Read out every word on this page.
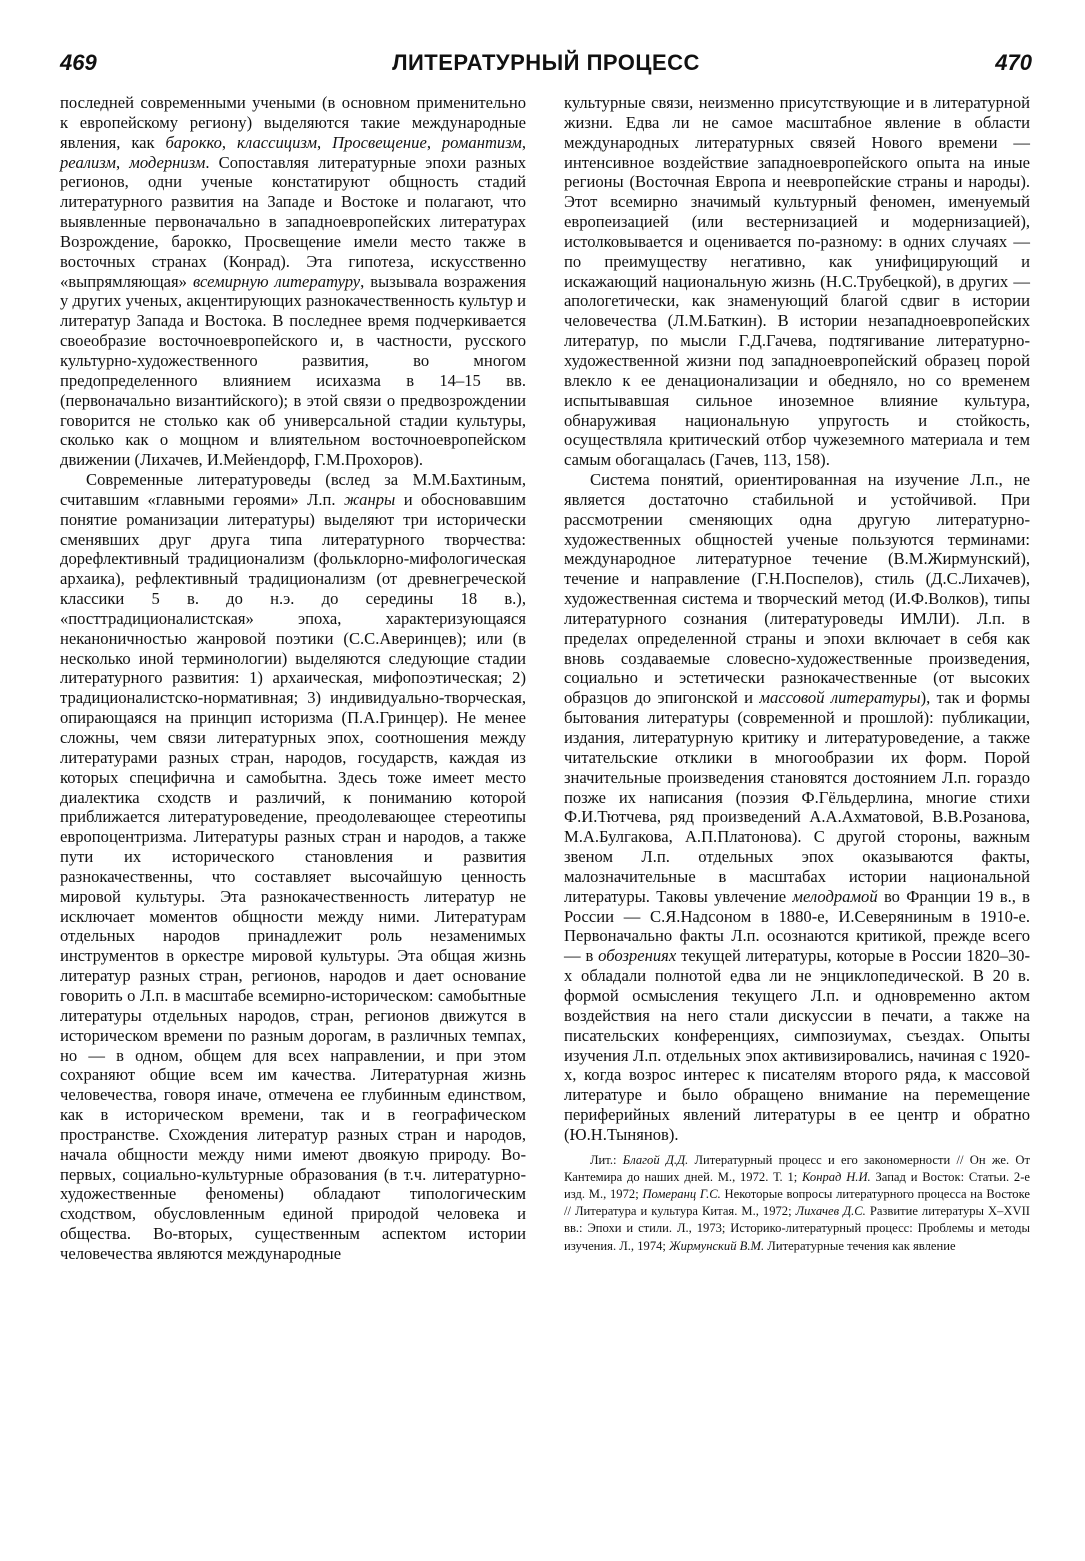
469	ЛИТЕРАТУРНЫЙ ПРОЦЕСС	470

последней современными учеными (в основном применительно к европейскому региону) выделяются такие международные явления, как барокко, классицизм, Просвещение, романтизм, реализм, модернизм. Сопоставляя литературные эпохи разных регионов, одни ученые констатируют общность стадий литературного развития на Западе и Востоке и полагают, что выявленные первоначально в западноевропейских литературах Возрождение, барокко, Просвещение имели место также в восточных странах (Конрад). Эта гипотеза, искусственно «выпрямляющая» всемирную литературу, вызывала возражения у других ученых, акцентирующих разнокачественность культур и литератур Запада и Востока. В последнее время подчеркивается своеобразие восточноевропейского и, в частности, русского культурно-художественного развития, во многом предопределенного влиянием исихазма в 14–15 вв. (первоначально византийского); в этой связи о предвозрождении говорится не столько как об универсальной стадии культуры, сколько как о мощном и влиятельном восточноевропейском движении (Лихачев, И.Мейендорф, Г.М.Прохоров).

Современные литературоведы (вслед за М.М.Бахтиным, считавшим «главными героями» Л.п. жанры и обосновавшим понятие романизации литературы) выделяют три исторически сменявших друг друга типа литературного творчества: дорефлективный традиционализм (фольклорно-мифологическая архаика), рефлективный традиционализм (от древнегреческой классики 5 в. до н.э. до середины 18 в.), «посттрадиционалистская» эпоха, характеризующаяся неканоничностью жанровой поэтики (С.С.Аверинцев); или (в несколько иной терминологии) выделяются следующие стадии литературного развития: 1) архаическая, мифопоэтическая; 2) традиционалистско-нормативная; 3) индивидуально-творческая, опирающаяся на принцип историзма (П.А.Гринцер). Не менее сложны, чем связи литературных эпох, соотношения между литературами разных стран, народов, государств, каждая из которых специфична и самобытна. Здесь тоже имеет место диалектика сходств и различий, к пониманию которой приближается литературоведение, преодолевающее стереотипы европоцентризма. Литературы разных стран и народов, а также пути их исторического становления и развития разнокачественны, что составляет высочайшую ценность мировой культуры. Эта разнокачественность литератур не исключает моментов общности между ними. Литературам отдельных народов принадлежит роль незаменимых инструментов в оркестре мировой культуры. Эта общая жизнь литератур разных стран, регионов, народов и дает основание говорить о Л.п. в масштабе всемирно-историческом: самобытные литературы отдельных народов, стран, регионов движутся в историческом времени по разным дорогам, в различных темпах, но — в одном, общем для всех направлении, и при этом сохраняют общие всем им качества. Литературная жизнь человечества, говоря иначе, отмечена ее глубинным единством, как в историческом времени, так и в географическом пространстве. Схождения литератур разных стран и народов, начала общности между ними имеют двоякую природу. Во-первых, социально-культурные образования (в т.ч. литературно-художественные феномены) обладают типологическим сходством, обусловленным единой природой человека и общества. Во-вторых, существенным аспектом истории человечества являются международные

культурные связи, неизменно присутствующие и в литературной жизни. Едва ли не самое масштабное явление в области международных литературных связей Нового времени — интенсивное воздействие западноевропейского опыта на иные регионы (Восточная Европа и неевропейские страны и народы). Этот всемирно значимый культурный феномен, именуемый европеизацией (или вестернизацией и модернизацией), истолковывается и оценивается по-разному: в одних случаях — по преимуществу негативно, как унифицирующий и искажающий национальную жизнь (Н.С.Трубецкой), в других — апологетически, как знаменующий благой сдвиг в истории человечества (Л.М.Баткин). В истории незападноевропейских литератур, по мысли Г.Д.Гачева, подтягивание литературно-художественной жизни под западноевропейский образец порой влекло к ее денационализации и обедняло, но со временем испытывавшая сильное иноземное влияние культура, обнаруживая национальную упругость и стойкость, осуществляла критический отбор чужеземного материала и тем самым обогащалась (Гачев, 113, 158).

Система понятий, ориентированная на изучение Л.п., не является достаточно стабильной и устойчивой. При рассмотрении сменяющих одна другую литературно-художественных общностей ученые пользуются терминами: международное литературное течение (В.М.Жирмунский), течение и направление (Г.Н.Поспелов), стиль (Д.С.Лихачев), художественная система и творческий метод (И.Ф.Волков), типы литературного сознания (литературоведы ИМЛИ). Л.п. в пределах определенной страны и эпохи включает в себя как вновь создаваемые словесно-художественные произведения, социально и эстетически разнокачественные (от высоких образцов до эпигонской и массовой литературы), так и формы бытования литературы (современной и прошлой): публикации, издания, литературную критику и литературоведение, а также читательские отклики в многообразии их форм. Порой значительные произведения становятся достоянием Л.п. гораздо позже их написания (поэзия Ф.Гёльдерлина, многие стихи Ф.И.Тютчева, ряд произведений А.А.Ахматовой, В.В.Розанова, М.А.Булгакова, А.П.Платонова). С другой стороны, важным звеном Л.п. отдельных эпох оказываются факты, малозначительные в масштабах истории национальной литературы. Таковы увлечение мелодрамой во Франции 19 в., в России — С.Я.Надсоном в 1880-е, И.Северяниным в 1910-е. Первоначально факты Л.п. осознаются критикой, прежде всего — в обозрениях текущей литературы, которые в России 1820–30-х обладали полнотой едва ли не энциклопедической. В 20 в. формой осмысления текущего Л.п. и одновременно актом воздействия на него стали дискуссии в печати, а также на писательских конференциях, симпозиумах, съездах. Опыты изучения Л.п. отдельных эпох активизировались, начиная с 1920-х, когда возрос интерес к писателям второго ряда, к массовой литературе и было обращено внимание на перемещение периферийных явлений литературы в ее центр и обратно (Ю.Н.Тынянов).

Лит.: Благой Д.Д. Литературный процесс и его закономерности // Он же. От Кантемира до наших дней. М., 1972. Т. 1; Конрад Н.И. Запад и Восток: Статьи. 2-е изд. М., 1972; Померанц Г.С. Некоторые вопросы литературного процесса на Востоке // Литература и культура Китая. М., 1972; Лихачев Д.С. Развитие литературы X–XVII вв.: Эпохи и стили. Л., 1973; Историко-литературный процесс: Проблемы и методы изучения. Л., 1974; Жирмунский В.М. Литературные течения как явление
